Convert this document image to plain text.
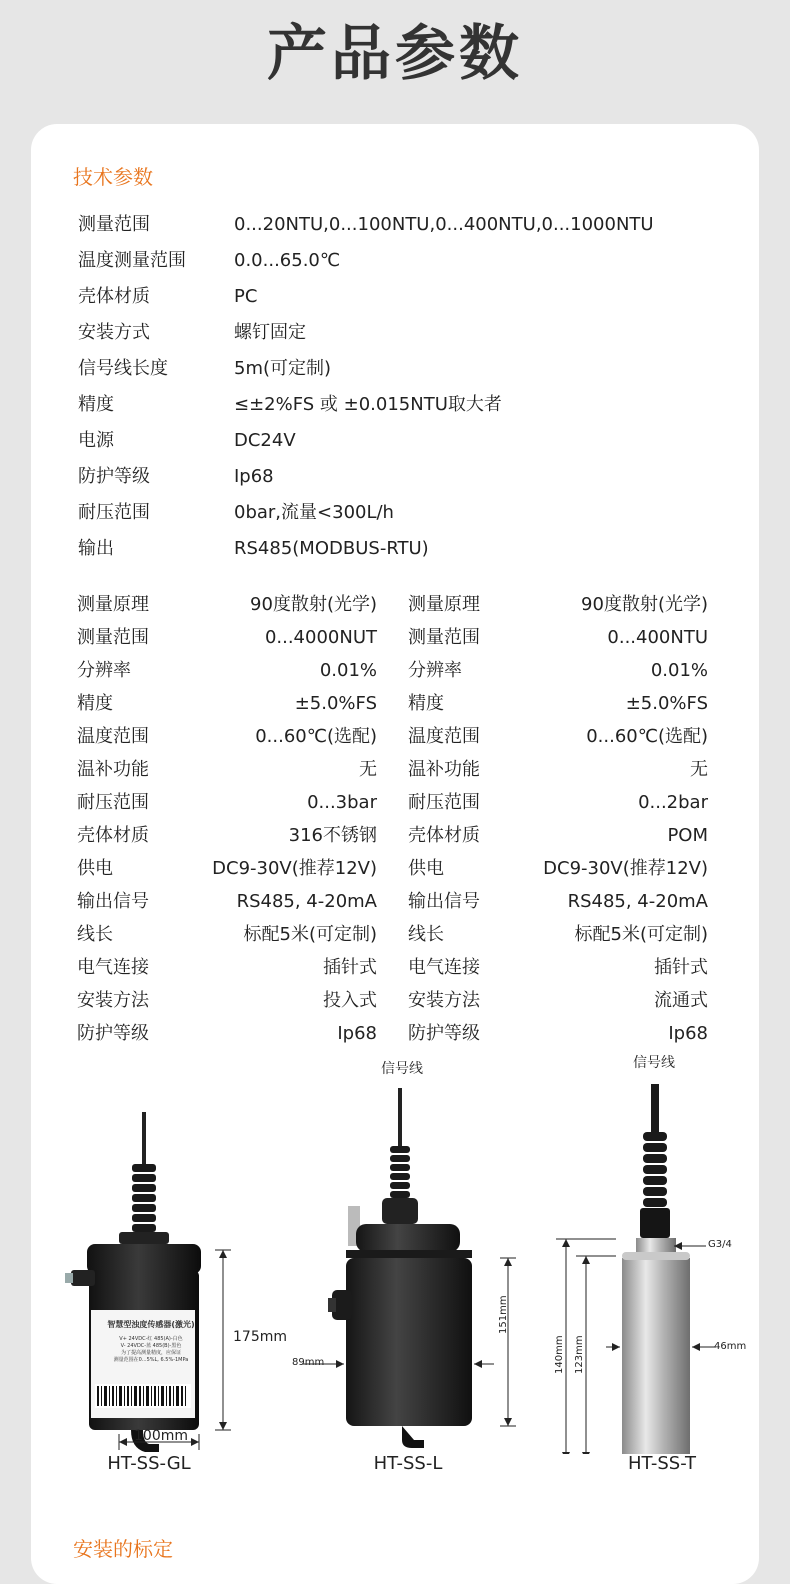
产品参数
技术参数
测量范围	0...20NTU,0...100NTU,0...400NTU,0...1000NTU
温度测量范围	0.0...65.0℃
壳体材质	PC
安装方式	螺钉固定
信号线长度	5m(可定制)
精度	≤±2%FS 或 ±0.015NTU取大者
电源	DC24V
防护等级	Ip68
耐压范围	0bar,流量<300L/h
输出	RS485(MODBUS-RTU)
测量原理	90度散射(光学)
测量范围	0...4000NUT
分辨率	0.01%
精度	±5.0%FS
温度范围	0...60℃(选配)
温补功能	无
耐压范围	0...3bar
壳体材质	316不锈钢
供电	DC9-30V(推荐12V)
输出信号	RS485, 4-20mA
线长	标配5米(可定制)
电气连接	插针式
安装方法	投入式
防护等级	Ip68
测量原理	90度散射(光学)
测量范围	0...400NTU
分辨率	0.01%
精度	±5.0%FS
温度范围	0...60℃(选配)
温补功能	无
耐压范围	0...2bar
壳体材质	POM
供电	DC9-30V(推荐12V)
输出信号	RS485, 4-20mA
线长	标配5米(可定制)
电气连接	插针式
安装方法	流通式
防护等级	Ip68
智慧型浊度传感器(激光)
V+ 24VDC-红 485(A)-白色
V- 24VDC-蓝 485(B)-黑色
为了提高测量精度，应保证
测量范围在0...5%L, 6.5%-1MPa
175mm
100mm
HT-SS-GL
信号线
89mm
151mm
HT-SS-L
信号线
G3/4
46mm
140mm 123mm
HT-SS-T
安装的标定
